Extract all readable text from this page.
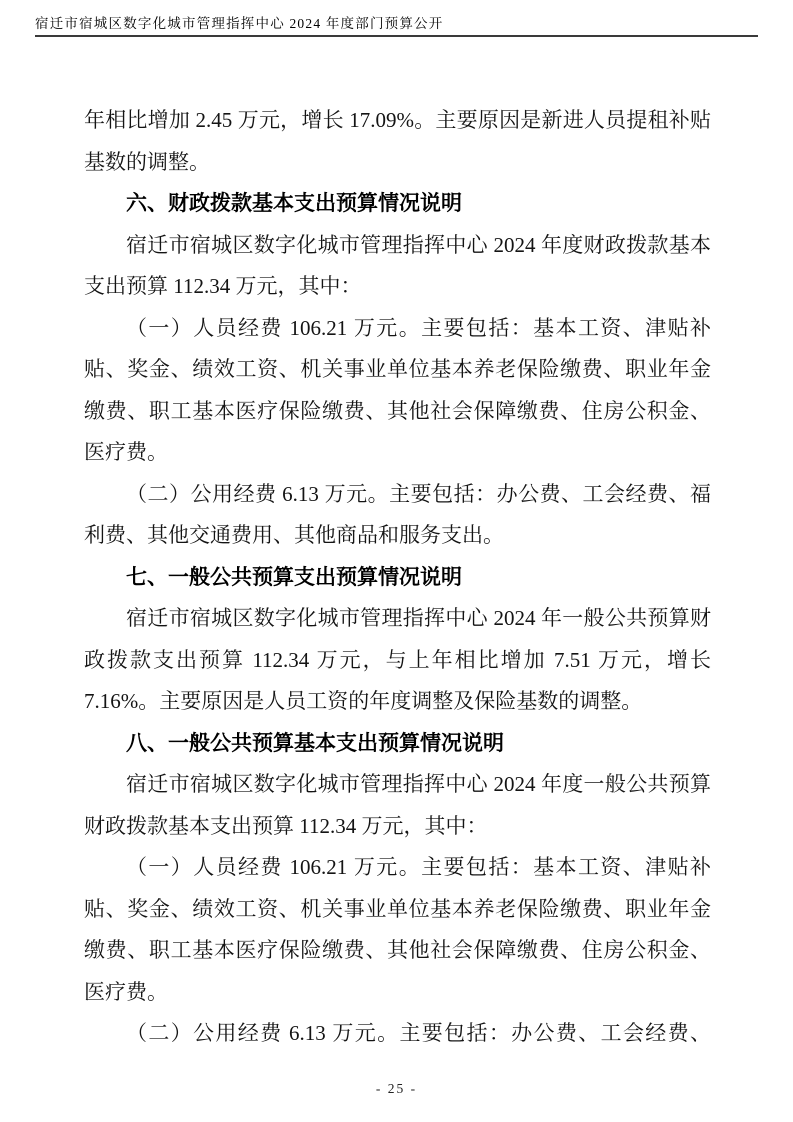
宿迁市宿城区数字化城市管理指挥中心 2024 年度部门预算公开

年相比增加 2.45 万元，增长 17.09%。主要原因是新进人员提租补贴基数的调整。

六、财政拨款基本支出预算情况说明

宿迁市宿城区数字化城市管理指挥中心 2024 年度财政拨款基本支出预算 112.34 万元，其中：

（一）人员经费 106.21 万元。主要包括：基本工资、津贴补贴、奖金、绩效工资、机关事业单位基本养老保险缴费、职业年金缴费、职工基本医疗保险缴费、其他社会保障缴费、住房公积金、医疗费。

（二）公用经费 6.13 万元。主要包括：办公费、工会经费、福利费、其他交通费用、其他商品和服务支出。

七、一般公共预算支出预算情况说明

宿迁市宿城区数字化城市管理指挥中心 2024 年一般公共预算财政拨款支出预算 112.34 万元，与上年相比增加 7.51 万元，增长 7.16%。主要原因是人员工资的年度调整及保险基数的调整。

八、一般公共预算基本支出预算情况说明

宿迁市宿城区数字化城市管理指挥中心 2024 年度一般公共预算财政拨款基本支出预算 112.34 万元，其中：

（一）人员经费 106.21 万元。主要包括：基本工资、津贴补贴、奖金、绩效工资、机关事业单位基本养老保险缴费、职业年金缴费、职工基本医疗保险缴费、其他社会保障缴费、住房公积金、医疗费。

（二）公用经费 6.13 万元。主要包括：办公费、工会经费、

- 25 -
